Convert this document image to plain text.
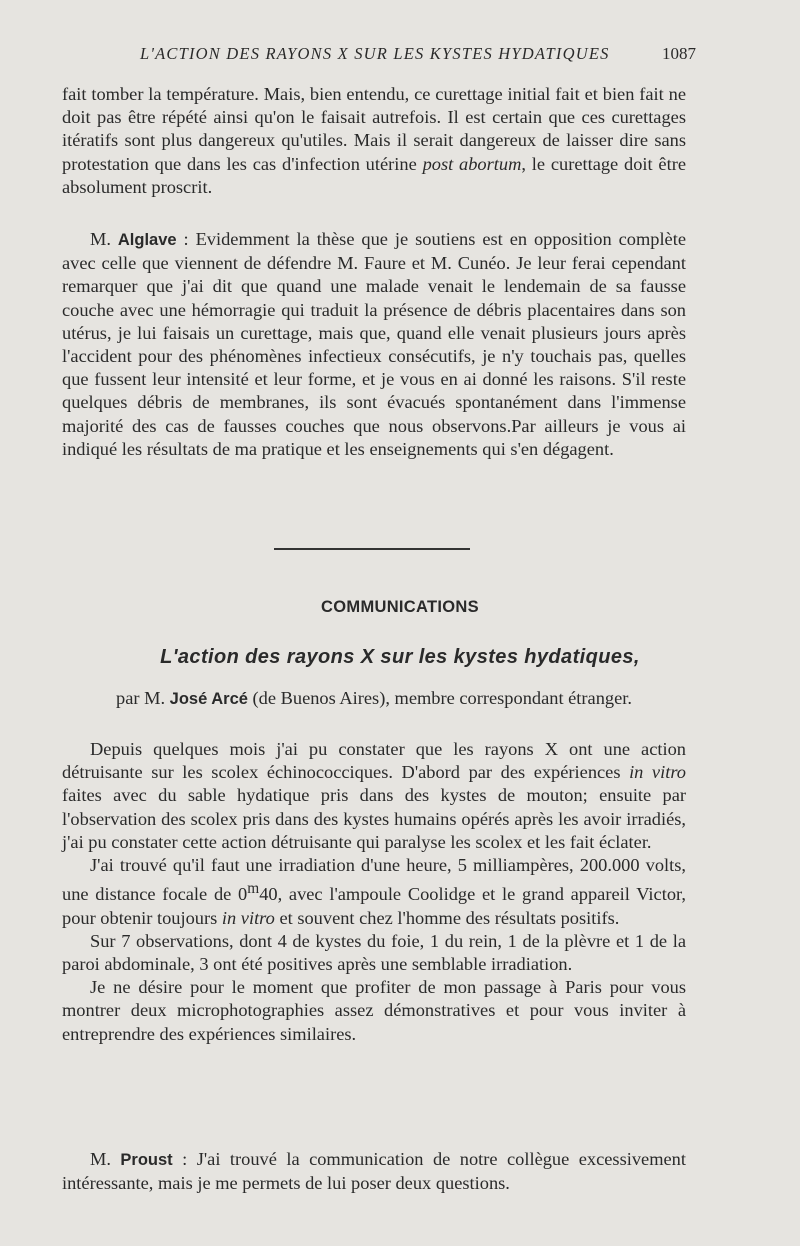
L'ACTION DES RAYONS X SUR LES KYSTES HYDATIQUES	1087

fait tomber la température. Mais, bien entendu, ce curettage initial fait et bien fait ne doit pas être répété ainsi qu'on le faisait autrefois. Il est certain que ces curettages itératifs sont plus dangereux qu'utiles. Mais il serait dangereux de laisser dire sans protestation que dans les cas d'infection utérine post abortum, le curettage doit être absolument proscrit.

M. Alglave : Evidemment la thèse que je soutiens est en opposition complète avec celle que viennent de défendre M. Faure et M. Cunéo. Je leur ferai cependant remarquer que j'ai dit que quand une malade venait le lendemain de sa fausse couche avec une hémorragie qui traduit la présence de débris placentaires dans son utérus, je lui faisais un curettage, mais que, quand elle venait plusieurs jours après l'accident pour des phénomènes infectieux consécutifs, je n'y touchais pas, quelles que fussent leur intensité et leur forme, et je vous en ai donné les raisons. S'il reste quelques débris de membranes, ils sont évacués spontanément dans l'immense majorité des cas de fausses couches que nous observons.Par ailleurs je vous ai indiqué les résultats de ma pratique et les enseignements qui s'en dégagent.

COMMUNICATIONS
L'action des rayons X sur les kystes hydatiques,
par M. José Arcé (de Buenos Aires), membre correspondant étranger.

Depuis quelques mois j'ai pu constater que les rayons X ont une action détruisante sur les scolex échinococciques. D'abord par des expériences in vitro faites avec du sable hydatique pris dans des kystes de mouton; ensuite par l'observation des scolex pris dans des kystes humains opérés après les avoir irradiés, j'ai pu constater cette action détruisante qui paralyse les scolex et les fait éclater.

J'ai trouvé qu'il faut une irradiation d'une heure, 5 milliampères, 200.000 volts, une distance focale de 0$^m$40, avec l'ampoule Coolidge et le grand appareil Victor, pour obtenir toujours in vitro et souvent chez l'homme des résultats positifs.

Sur 7 observations, dont 4 de kystes du foie, 1 du rein, 1 de la plèvre et 1 de la paroi abdominale, 3 ont été positives après une semblable irradiation.

Je ne désire pour le moment que profiter de mon passage à Paris pour vous montrer deux microphotographies assez démonstratives et pour vous inviter à entreprendre des expériences similaires.

M. Proust : J'ai trouvé la communication de notre collègue excessivement intéressante, mais je me permets de lui poser deux questions.
